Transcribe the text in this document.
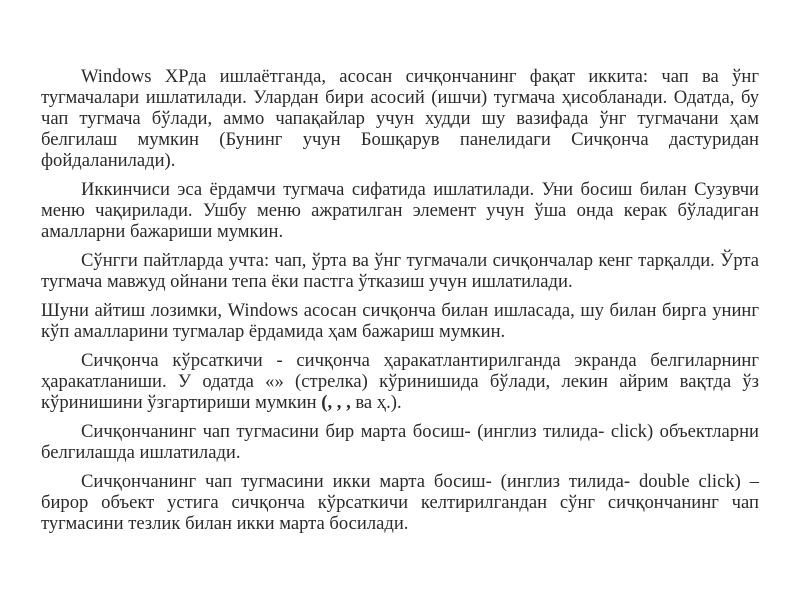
Windows XPда ишлаётганда, асосан сичқончанинг фақат иккита: чап ва ўнг тугмачалари ишлатилади. Улардан бири асосий (ишчи) тугмача ҳисобланади. Одатда, бу чап тугмача бўлади, аммо чапақайлар учун худди шу вазифада ўнг тугмачани ҳам белгилаш мумкин (Бунинг учун Бошқарув панелидаги Сичқонча дастуридан фойдаланилади).

Иккинчиси эса ёрдамчи тугмача сифатида ишлатилади. Уни босиш билан Сузувчи меню чақирилади. Ушбу меню ажратилган элемент учун ўша онда керак бўладиган амалларни бажариши мумкин.

Сўнгги пайтларда учта: чап, ўрта ва ўнг тугмачали сичқончалар кенг тарқалди. Ўрта тугмача мавжуд ойнани тепа ёки пастга ўтказиш учун ишлатилади.

Шуни айтиш лозимки, Windows асосан сичқонча билан ишласада, шу билан бирга унинг кўп амалларини тугмалар ёрдамида ҳам бажариш мумкин.

Сичқонча кўрсаткичи - сичқонча ҳаракатлантирилганда экранда белгиларнинг ҳаракатланиши. У одатда «» (стрелка) кўринишида бўлади, лекин айрим вақтда ўз кўринишини ўзгартириши мумкин (, , , ва ҳ.).

Сичқончанинг чап тугмасини бир марта босиш- (инглиз тилида- click) объектларни белгилашда ишлатилади.

Сичқончанинг чап тугмасини икки марта босиш- (инглиз тилида- double click) – бирор объект устига сичқонча кўрсаткичи келтирилгандан сўнг сичқончанинг чап тугмасини тезлик билан икки марта босилади.
